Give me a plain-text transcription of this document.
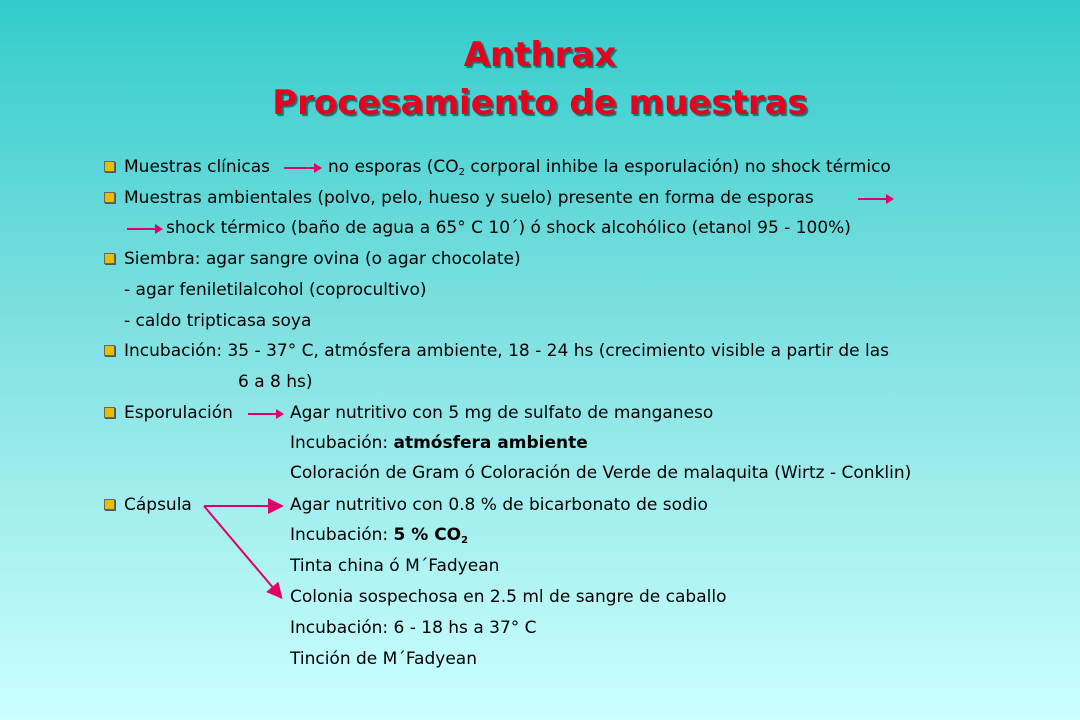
Anthrax
Procesamiento de muestras
Muestras clínicas	no esporas ($CO_2$ corporal inhibe la esporulación) no shock térmico
Muestras ambientales (polvo, pelo, hueso y suelo) presente en forma de esporas
shock térmico (baño de agua a 65° C 10´) ó shock alcohólico (etanol 95 - 100%)
Siembra: agar sangre ovina (o agar chocolate)
- agar feniletilalcohol (coprocultivo)
- caldo tripticasa soya
Incubación: 35 - 37° C, atmósfera ambiente, 18 - 24 hs (crecimiento visible a partir de las
6 a 8 hs)
Esporulación	Agar nutritivo con 5 mg de sulfato de manganeso
Incubación: atmósfera ambiente
Coloración de Gram ó Coloración de Verde de malaquita (Wirtz - Conklin)
Cápsula	Agar nutritivo con 0.8 % de bicarbonato de sodio
Incubación: 5 % $CO_2$
Tinta china ó M´Fadyean
Colonia sospechosa en 2.5 ml de sangre de caballo
Incubación: 6 - 18 hs a 37° C
Tinción de M´Fadyean
